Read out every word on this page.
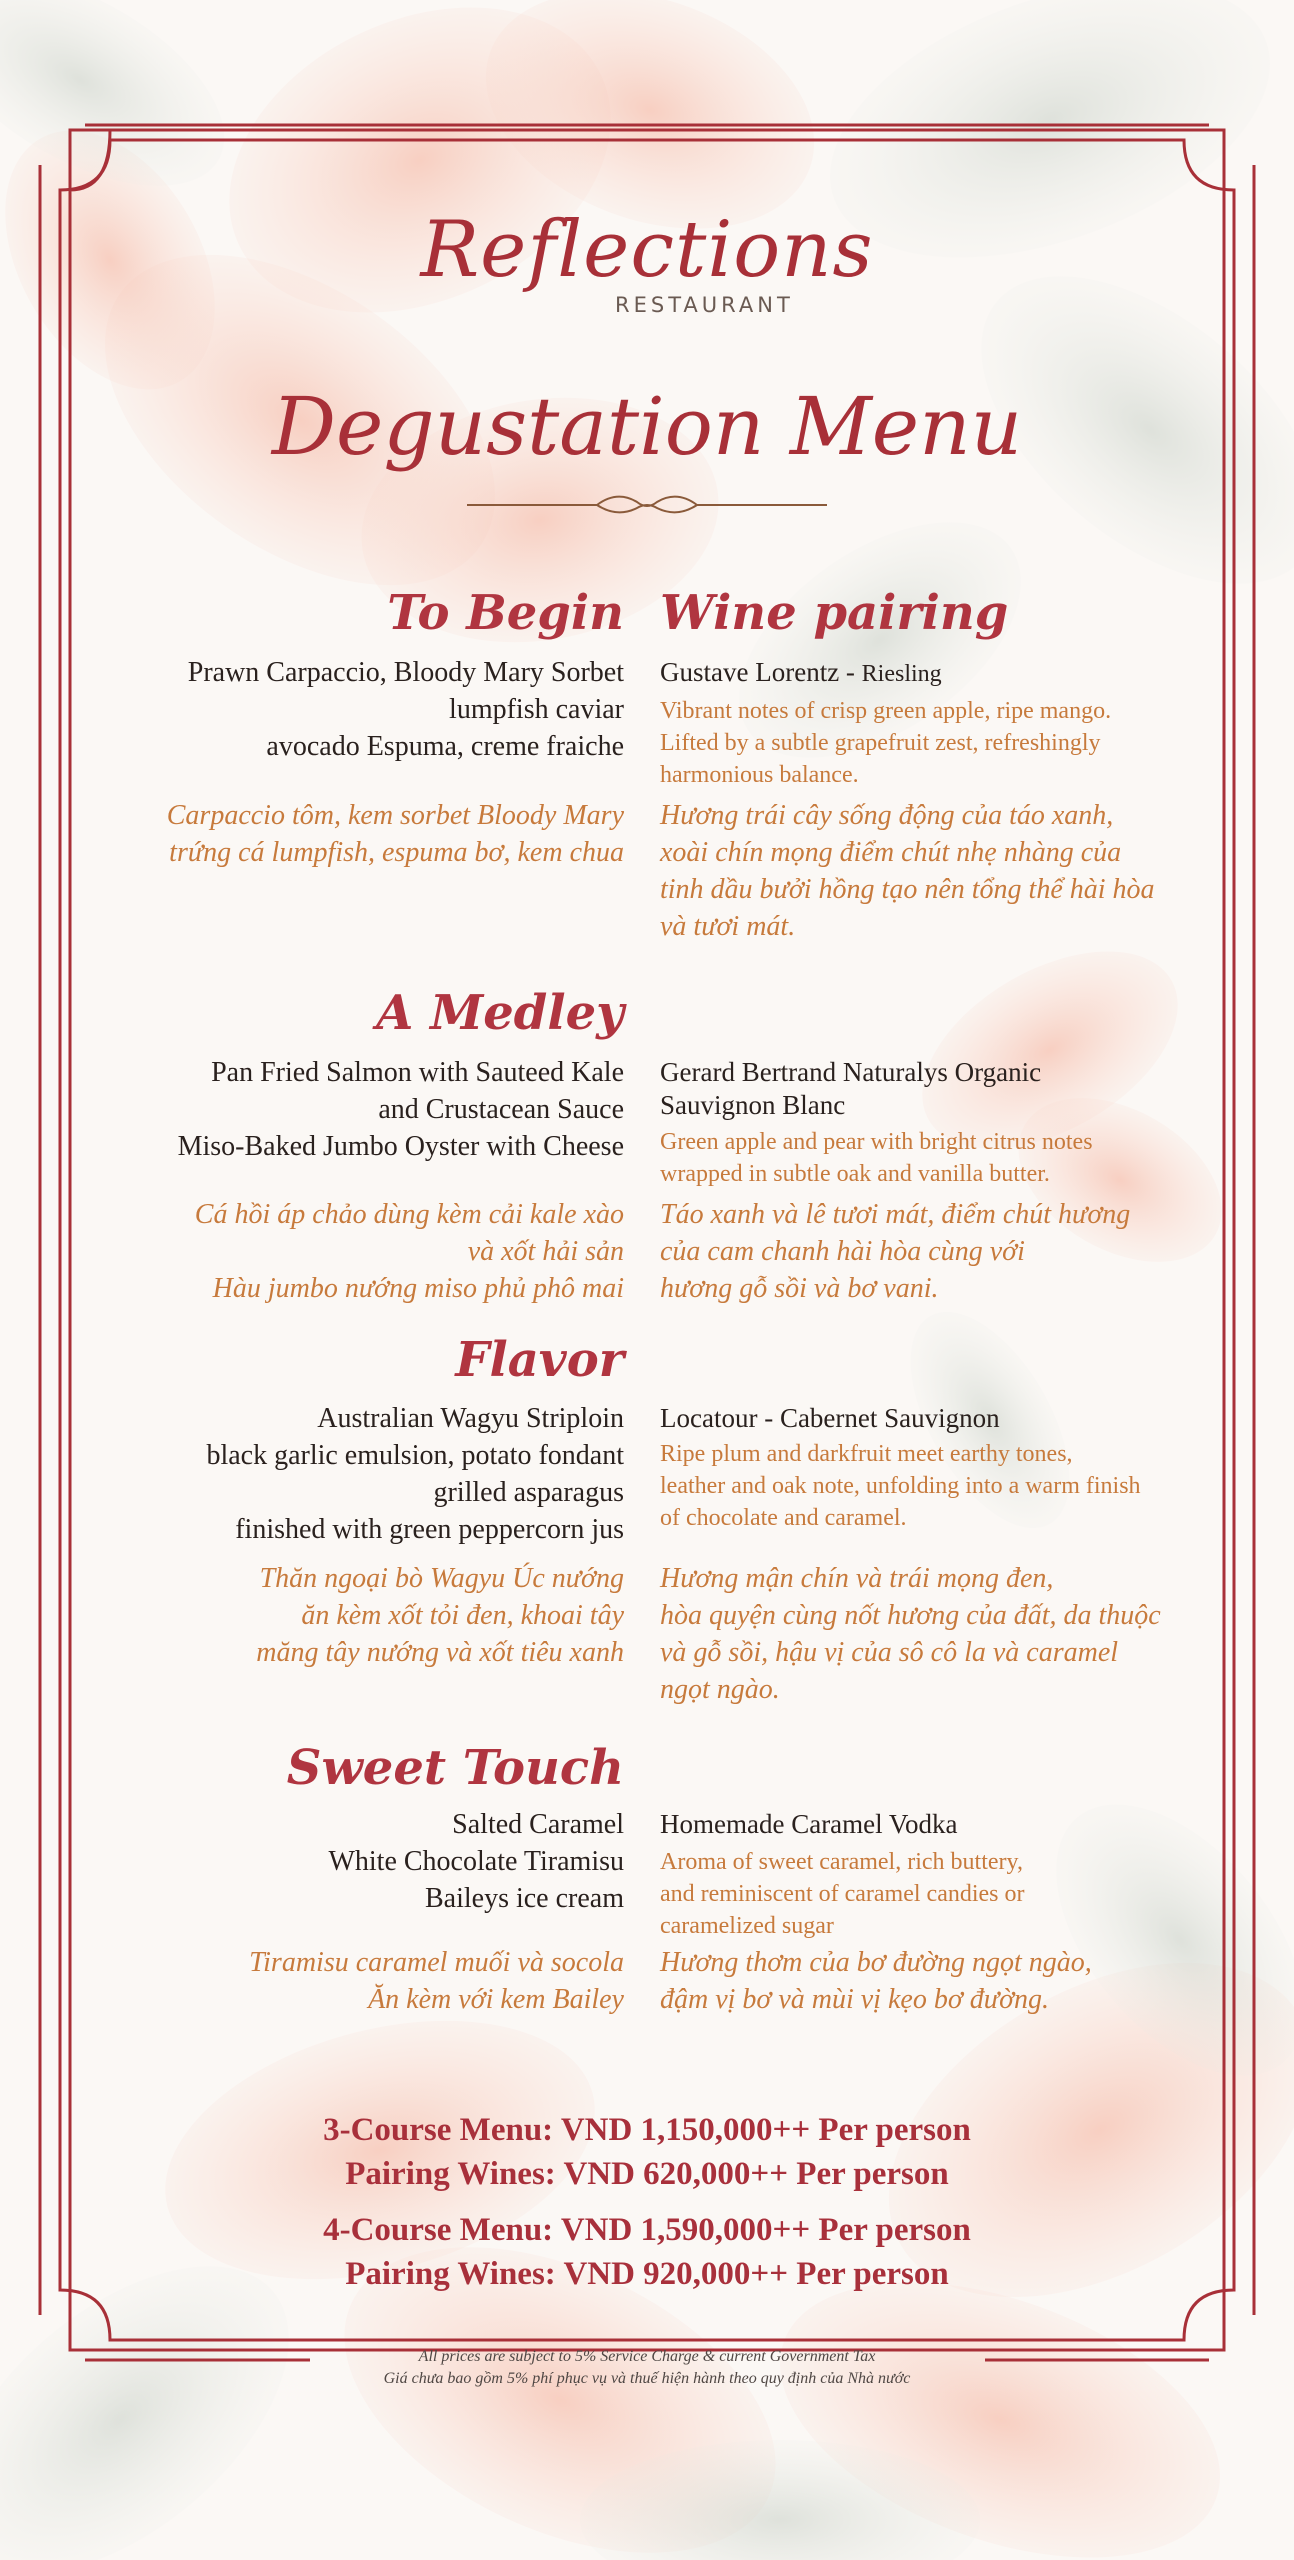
Reflections
RESTAURANT
Degustation Menu
To Begin Wine pairing
Prawn Carpaccio, Bloody Mary Sorbet
lumpfish caviar
avocado Espuma, creme fraiche
Carpaccio tôm, kem sorbet Bloody Mary
trứng cá lumpfish, espuma bơ, kem chua
Gustave Lorentz - Riesling
Vibrant notes of crisp green apple, ripe mango.
Lifted by a subtle grapefruit zest, refreshingly
harmonious balance.
Hương trái cây sống động của táo xanh,
xoài chín mọng điểm chút nhẹ nhàng của
tinh dầu bưởi hồng tạo nên tổng thể hài hòa
và tươi mát.
A Medley
Pan Fried Salmon with Sauteed Kale
and Crustacean Sauce
Miso-Baked Jumbo Oyster with Cheese
Cá hồi áp chảo dùng kèm cải kale xào
và xốt hải sản
Hàu jumbo nướng miso phủ phô mai
Gerard Bertrand Naturalys Organic
Sauvignon Blanc
Green apple and pear with bright citrus notes
wrapped in subtle oak and vanilla butter.
Táo xanh và lê tươi mát, điểm chút hương
của cam chanh hài hòa cùng với
hương gỗ sồi và bơ vani.
Flavor
Australian Wagyu Striploin
black garlic emulsion, potato fondant
grilled asparagus
finished with green peppercorn jus
Thăn ngoại bò Wagyu Úc nướng
ăn kèm xốt tỏi đen, khoai tây
măng tây nướng và xốt tiêu xanh
Locatour - Cabernet Sauvignon
Ripe plum and darkfruit meet earthy tones,
leather and oak note, unfolding into a warm finish
of chocolate and caramel.
Hương mận chín và trái mọng đen,
hòa quyện cùng nốt hương của đất, da thuộc
và gỗ sồi, hậu vị của sô cô la và caramel
ngọt ngào.
Sweet Touch
Salted Caramel
White Chocolate Tiramisu
Baileys ice cream
Tiramisu caramel muối và socola
Ăn kèm với kem Bailey
Homemade Caramel Vodka
Aroma of sweet caramel, rich buttery,
and reminiscent of caramel candies or
caramelized sugar
Hương thơm của bơ đường ngọt ngào,
đậm vị bơ và mùi vị kẹo bơ đường.
3-Course Menu: VND 1,150,000++ Per person
Pairing Wines: VND 620,000++ Per person
4-Course Menu: VND 1,590,000++ Per person
Pairing Wines: VND 920,000++ Per person
All prices are subject to 5% Service Charge & current Government Tax
Giá chưa bao gồm 5% phí phục vụ và thuế hiện hành theo quy định của Nhà nước
